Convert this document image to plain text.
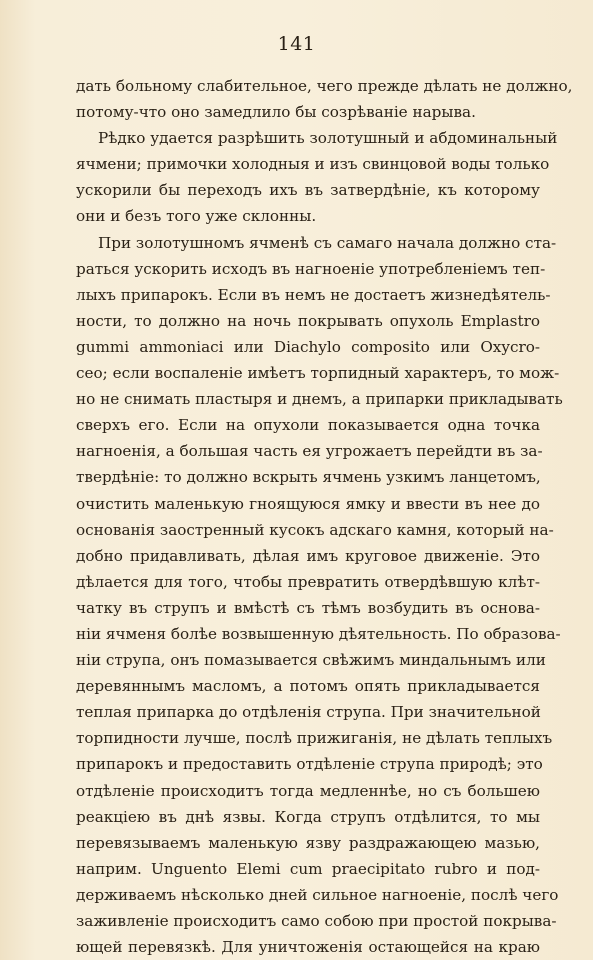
141
дать больному слабительное, чего прежде дѣлать не должно,
потому-что оно замедлило бы созрѣваніе нарыва.
Рѣдко удается разрѣшить золотушный и абдоминальный
ячмени; примочки холодныя и изъ свинцовой воды только
ускорили бы переходъ ихъ въ затвердѣніе, къ которому
они и безъ того уже склонны.
При золотушномъ ячменѣ съ самаго начала должно ста-
раться ускорить исходъ въ нагноеніе употребленіемъ теп-
лыхъ припарокъ. Если въ немъ не достаетъ жизнедѣятель-
ности, то должно на ночь покрывать опухоль Emplastro
gummi ammoniaci или Diachylo composito или Oxycro-
ceo; если воспаленіе имѣетъ торпидный характеръ, то мож-
но не снимать пластыря и днемъ, а припарки прикладывать
сверхъ его. Если на опухоли показывается одна точка
нагноенія, а большая часть ея угрожаетъ перейдти въ за-
твердѣніе: то должно вскрыть ячмень узкимъ ланцетомъ,
очистить маленькую гноящуюся ямку и ввести въ нее до
основанія заостренный кусокъ адскаго камня, который на-
добно придавливать, дѣлая имъ круговое движеніе. Это
дѣлается для того, чтобы превратить отвердѣвшую клѣт-
чатку въ струпъ и вмѣстѣ съ тѣмъ возбудить въ основа-
ніи ячменя болѣе возвышенную дѣятельность. По образова-
ніи струпа, онъ помазывается свѣжимъ миндальнымъ или
деревяннымъ масломъ, а потомъ опять прикладывается
теплая припарка до отдѣленія струпа. При значительной
торпидности лучше, послѣ прижиганія, не дѣлать теплыхъ
припарокъ и предоставить отдѣленіе струпа природѣ; это
отдѣленіе происходитъ тогда медленнѣе, но съ большею
реакціею въ днѣ язвы. Когда струпъ отдѣлится, то мы
перевязываемъ маленькую язву раздражающею мазью,
наприм. Unguento Elemi cum praecipitato rubro и под-
держиваемъ нѣсколько дней сильное нагноеніе, послѣ чего
заживленіе происходитъ само собою при простой покрыва-
ющей перевязкѣ. Для уничтоженія остающейся на краю
